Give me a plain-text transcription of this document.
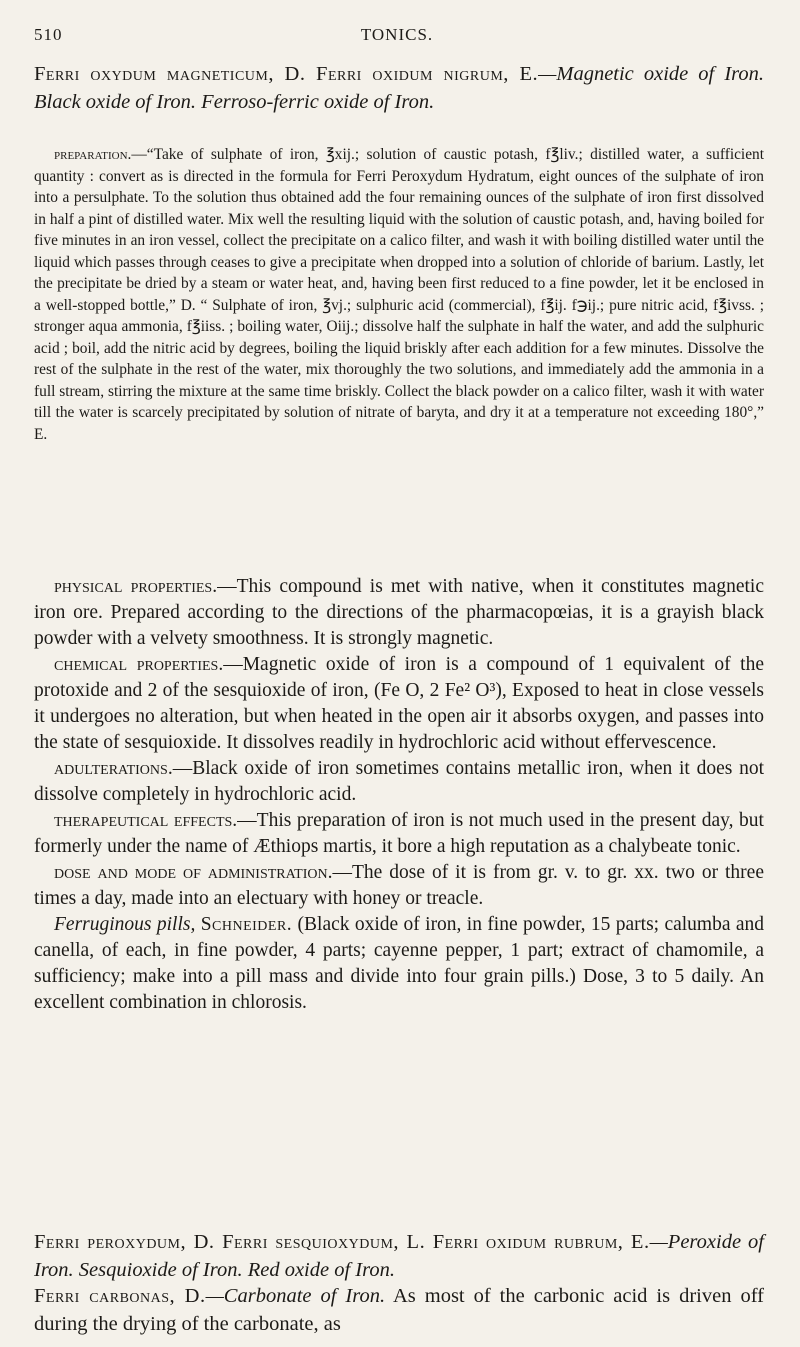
510	TONICS.
Ferri oxydum magneticum, D. Ferri oxidum nigrum, E.—Magnetic oxide of Iron. Black oxide of Iron. Ferroso-ferric oxide of Iron.

preparation.—“Take of sulphate of iron, ℥xij.; solution of caustic potash, f℥liv.; distilled water, a sufficient quantity : convert as is directed in the formula for Ferri Peroxydum Hydratum, eight ounces of the sulphate of iron into a persulphate. To the solution thus obtained add the four remaining ounces of the sulphate of iron first dissolved in half a pint of distilled water. Mix well the resulting liquid with the solution of caustic potash, and, having boiled for five minutes in an iron vessel, collect the precipitate on a calico filter, and wash it with boiling distilled water until the liquid which passes through ceases to give a precipitate when dropped into a solution of chloride of barium. Lastly, let the precipitate be dried by a steam or water heat, and, having been first reduced to a fine powder, let it be enclosed in a well-stopped bottle,” D. “ Sulphate of iron, ℥vj.; sulphuric acid (commercial), f℥ij. f℈ij.; pure nitric acid, f℥ivss. ; stronger aqua ammonia, f℥iiss. ; boiling water, Oiij.; dissolve half the sulphate in half the water, and add the sulphuric acid ; boil, add the nitric acid by degrees, boiling the liquid briskly after each addition for a few minutes. Dissolve the rest of the sulphate in the rest of the water, mix thoroughly the two solutions, and immediately add the ammonia in a full stream, stirring the mixture at the same time briskly. Collect the black powder on a calico filter, wash it with water till the water is scarcely precipitated by solution of nitrate of baryta, and dry it at a temperature not exceeding 180°,” E.

physical properties.—This compound is met with native, when it constitutes magnetic iron ore. Prepared according to the directions of the pharmacopœias, it is a grayish black powder with a velvety smoothness. It is strongly magnetic.

chemical properties.—Magnetic oxide of iron is a compound of 1 equivalent of the protoxide and 2 of the sesquioxide of iron, (Fe O, 2 Fe² O³), Exposed to heat in close vessels it undergoes no alteration, but when heated in the open air it absorbs oxygen, and passes into the state of sesquioxide. It dissolves readily in hydrochloric acid without effervescence.

adulterations.—Black oxide of iron sometimes contains metallic iron, when it does not dissolve completely in hydrochloric acid.

therapeutical effects.—This preparation of iron is not much used in the present day, but formerly under the name of Æthiops martis, it bore a high reputation as a chalybeate tonic.

dose and mode of administration.—The dose of it is from gr. v. to gr. xx. two or three times a day, made into an electuary with honey or treacle.

Ferruginous pills, Schneider. (Black oxide of iron, in fine powder, 15 parts; calumba and canella, of each, in fine powder, 4 parts; cayenne pepper, 1 part; extract of chamomile, a sufficiency; make into a pill mass and divide into four grain pills.) Dose, 3 to 5 daily. An excellent combination in chlorosis.

Ferri peroxydum, D. Ferri sesquioxydum, L. Ferri oxidum rubrum, E.—Peroxide of Iron. Sesquioxide of Iron. Red oxide of Iron.
Ferri carbonas, D.—Carbonate of Iron. As most of the carbonic acid is driven off during the drying of the carbonate, as
